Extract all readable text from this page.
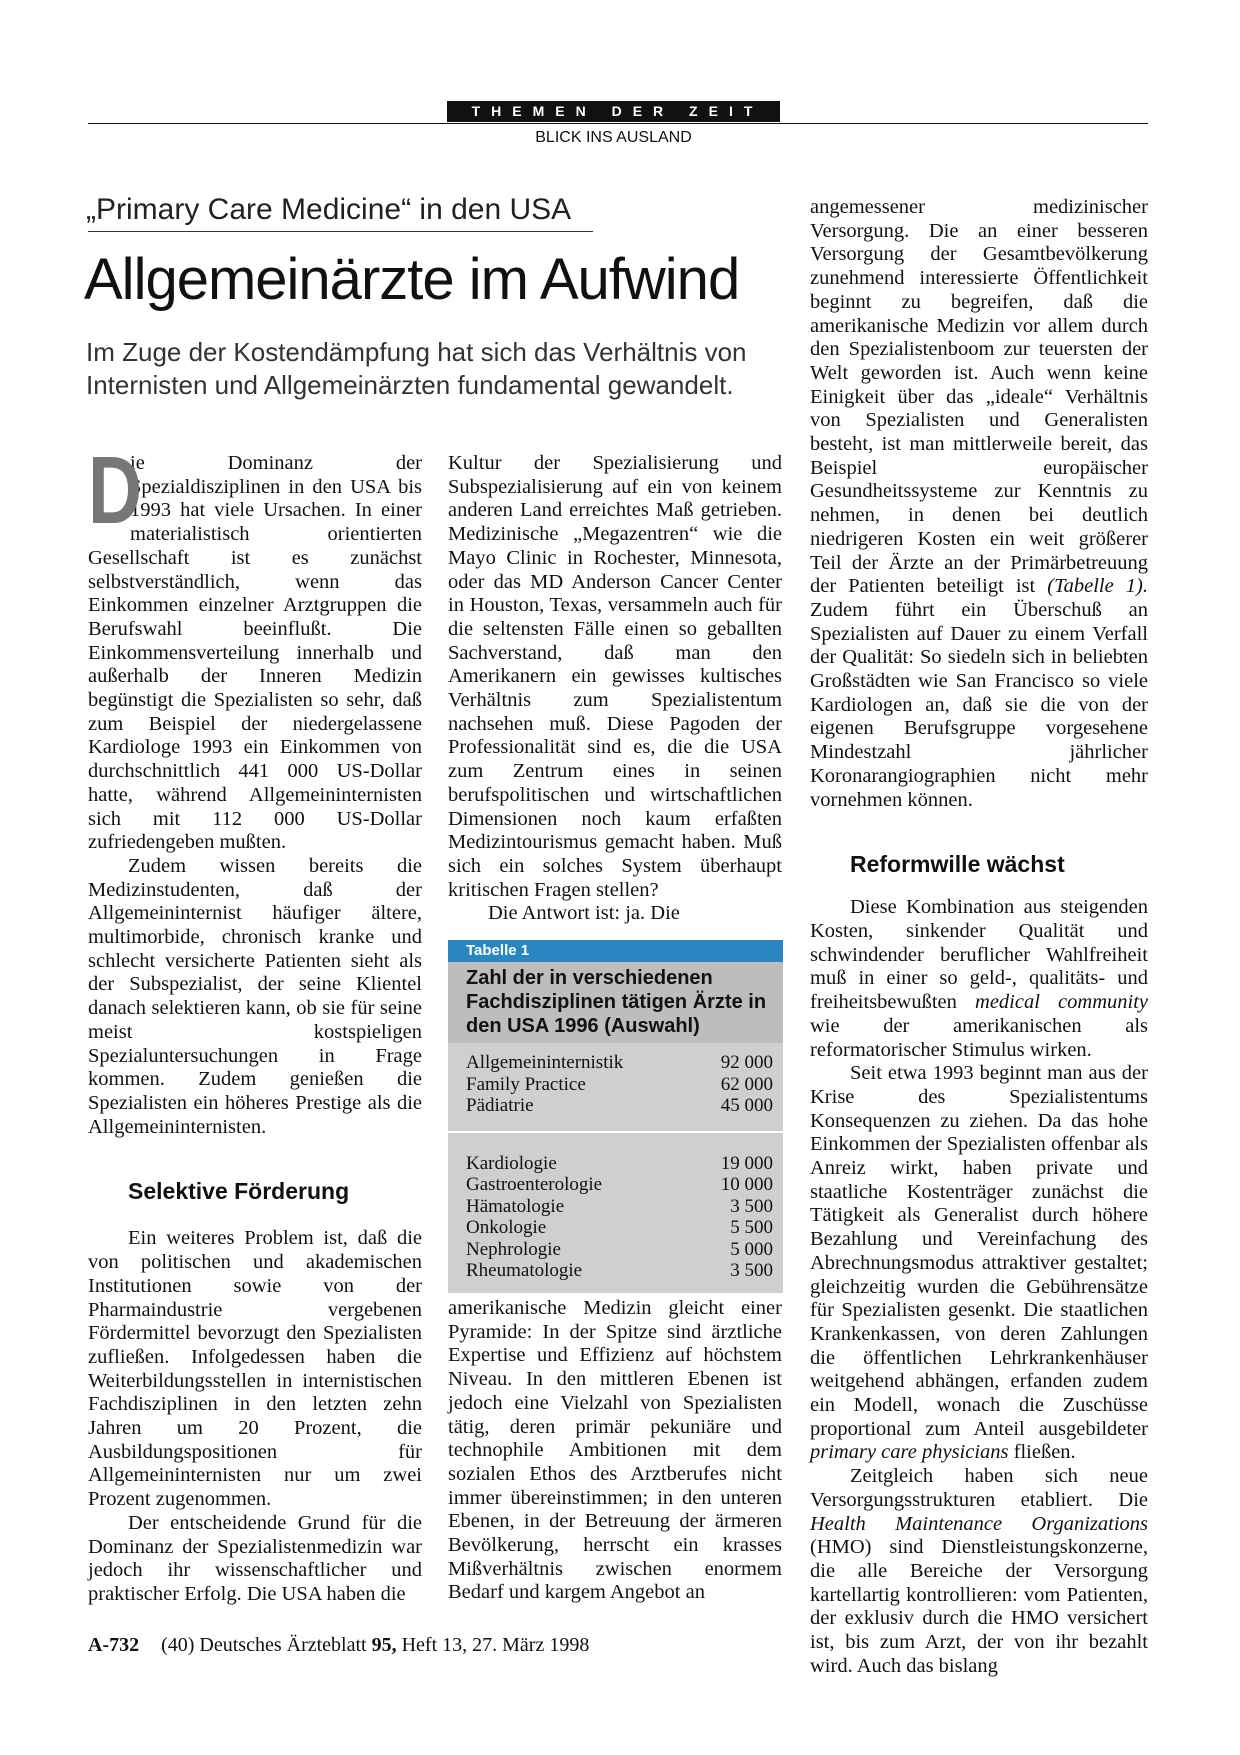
THEMEN DER ZEIT
BLICK INS AUSLAND
„Primary Care Medicine“ in den USA
Allgemeinärzte im Aufwind
Im Zuge der Kostendämpfung hat sich das Verhältnis von Internisten und Allgemeinärzten fundamental gewandelt.

D
ie Dominanz der Spezialdisziplinen in den USA bis 1993 hat viele Ursachen. In einer materialistisch orientierten Gesellschaft ist es zunächst selbstverständlich, wenn das Einkommen einzelner Arztgruppen die Berufswahl beeinflußt. Die Einkommensverteilung innerhalb und außerhalb der Inneren Medizin begünstigt die Spezialisten so sehr, daß zum Beispiel der niedergelassene Kardiologe 1993 ein Einkommen von durchschnittlich 441 000 US-Dollar hatte, während Allgemeininternisten sich mit 112 000 US-Dollar zufriedengeben mußten.

Zudem wissen bereits die Medizinstudenten, daß der Allgemeininternist häufiger ältere, multimorbide, chronisch kranke und schlecht versicherte Patienten sieht als der Subspezialist, der seine Klientel danach selektieren kann, ob sie für seine meist kostspieligen Spezialuntersuchungen in Frage kommen. Zudem genießen die Spezialisten ein höheres Prestige als die Allgemeininternisten.

Selektive Förderung

Ein weiteres Problem ist, daß die von politischen und akademischen Institutionen sowie von der Pharmaindustrie vergebenen Fördermittel bevorzugt den Spezialisten zufließen. Infolgedessen haben die Weiterbildungsstellen in internistischen Fachdisziplinen in den letzten zehn Jahren um 20 Prozent, die Ausbildungspositionen für Allgemeininternisten nur um zwei Prozent zugenommen.

Der entscheidende Grund für die Dominanz der Spezialistenmedizin war jedoch ihr wissenschaftlicher und praktischer Erfolg. Die USA haben die

Kultur der Spezialisierung und Subspezialisierung auf ein von keinem anderen Land erreichtes Maß getrieben. Medizinische „Megazentren“ wie die Mayo Clinic in Rochester, Minnesota, oder das MD Anderson Cancer Center in Houston, Texas, versammeln auch für die seltensten Fälle einen so geballten Sachverstand, daß man den Amerikanern ein gewisses kultisches Verhältnis zum Spezialistentum nachsehen muß. Diese Pagoden der Professionalität sind es, die die USA zum Zentrum eines in seinen berufspolitischen und wirtschaftlichen Dimensionen noch kaum erfaßten Medizintourismus gemacht haben. Muß sich ein solches System überhaupt kritischen Fragen stellen?

Die Antwort ist: ja. Die

Tabelle 1
Zahl der in verschiedenen Fachdisziplinen tätigen Ärzte in den USA 1996 (Auswahl)
Allgemeininternistik	92 000
Family Practice	62 000
Pädiatrie	45 000
Kardiologie	19 000
Gastroenterologie	10 000
Hämatologie	3 500
Onkologie	5 500
Nephrologie	5 000
Rheumatologie	3 500

amerikanische Medizin gleicht einer Pyramide: In der Spitze sind ärztliche Expertise und Effizienz auf höchstem Niveau. In den mittleren Ebenen ist jedoch eine Vielzahl von Spezialisten tätig, deren primär pekuniäre und technophile Ambitionen mit dem sozialen Ethos des Arztberufes nicht immer übereinstimmen; in den unteren Ebenen, in der Betreuung der ärmeren Bevölkerung, herrscht ein krasses Mißverhältnis zwischen enormem Bedarf und kargem Angebot an

angemessener medizinischer Versorgung. Die an einer besseren Versorgung der Gesamtbevölkerung zunehmend interessierte Öffentlichkeit beginnt zu begreifen, daß die amerikanische Medizin vor allem durch den Spezialistenboom zur teuersten der Welt geworden ist. Auch wenn keine Einigkeit über das „ideale“ Verhältnis von Spezialisten und Generalisten besteht, ist man mittlerweile bereit, das Beispiel europäischer Gesundheitssysteme zur Kenntnis zu nehmen, in denen bei deutlich niedrigeren Kosten ein weit größerer Teil der Ärzte an der Primärbetreuung der Patienten beteiligt ist (Tabelle 1). Zudem führt ein Überschuß an Spezialisten auf Dauer zu einem Verfall der Qualität: So siedeln sich in beliebten Großstädten wie San Francisco so viele Kardiologen an, daß sie die von der eigenen Berufsgruppe vorgesehene Mindestzahl jährlicher Koronarangiographien nicht mehr vornehmen können.

Reformwille wächst

Diese Kombination aus steigenden Kosten, sinkender Qualität und schwindender beruflicher Wahlfreiheit muß in einer so geld-, qualitäts- und freiheitsbewußten medical community wie der amerikanischen als reformatorischer Stimulus wirken.

Seit etwa 1993 beginnt man aus der Krise des Spezialistentums Konsequenzen zu ziehen. Da das hohe Einkommen der Spezialisten offenbar als Anreiz wirkt, haben private und staatliche Kostenträger zunächst die Tätigkeit als Generalist durch höhere Bezahlung und Vereinfachung des Abrechnungsmodus attraktiver gestaltet; gleichzeitig wurden die Gebührensätze für Spezialisten gesenkt. Die staatlichen Krankenkassen, von deren Zahlungen die öffentlichen Lehrkrankenhäuser weitgehend abhängen, erfanden zudem ein Modell, wonach die Zuschüsse proportional zum Anteil ausgebildeter primary care physicians fließen.

Zeitgleich haben sich neue Versorgungsstrukturen etabliert. Die Health Maintenance Organizations (HMO) sind Dienstleistungskonzerne, die alle Bereiche der Versorgung kartellartig kontrollieren: vom Patienten, der exklusiv durch die HMO versichert ist, bis zum Arzt, der von ihr bezahlt wird. Auch das bislang

A-732 (40) Deutsches Ärzteblatt 95, Heft 13, 27. März 1998
